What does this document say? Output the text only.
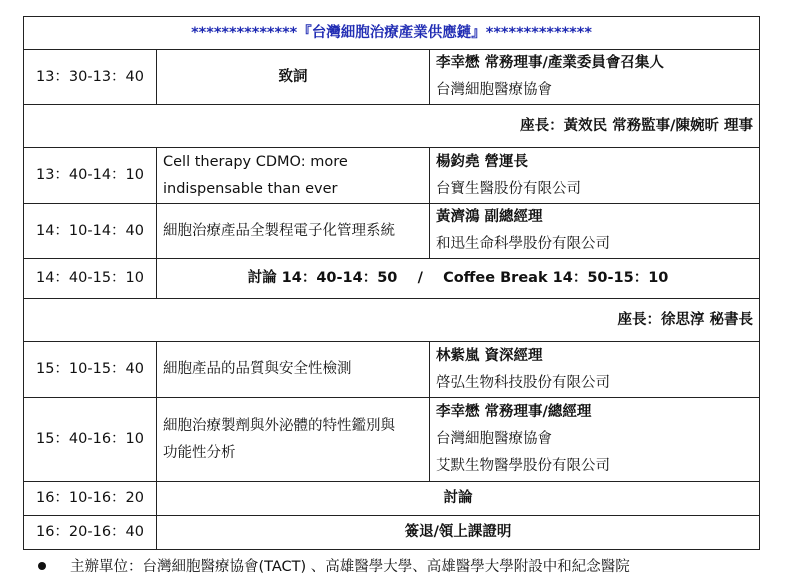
**************『台灣細胞治療產業供應鏈』**************		
13：30-13：40	致詞	李幸懋 常務理事/產業委員會召集人
台灣細胞醫療協會

座長：黃效民 常務監事/陳婉昕 理事		
13：40-14：10	Cell therapy CDMO: more
indispensable than ever	楊鈞堯 營運長
台寶生醫股份有限公司

14：10-14：40	細胞治療產品全製程電子化管理系統	黃濟鴻 副總經理
和迅生命科學股份有限公司

14：40-15：10	討論 14：40-14：50    /    Coffee Break 14：50-15：10	
座長：徐思淳 秘書長		
15：10-15：40	細胞產品的品質與安全性檢測	林紫嵐 資深經理
啓弘生物科技股份有限公司

15：40-16：10	細胞治療製劑與外泌體的特性鑑別與
功能性分析	李幸懋 常務理事/總經理
台灣細胞醫療協會
艾默生物醫學股份有限公司

16：10-16：20	討論	
16：20-16：40	簽退/領上課證明	
主辦單位：台灣細胞醫療協會(TACT) 、高雄醫學大學、高雄醫學大學附設中和紀念醫院
